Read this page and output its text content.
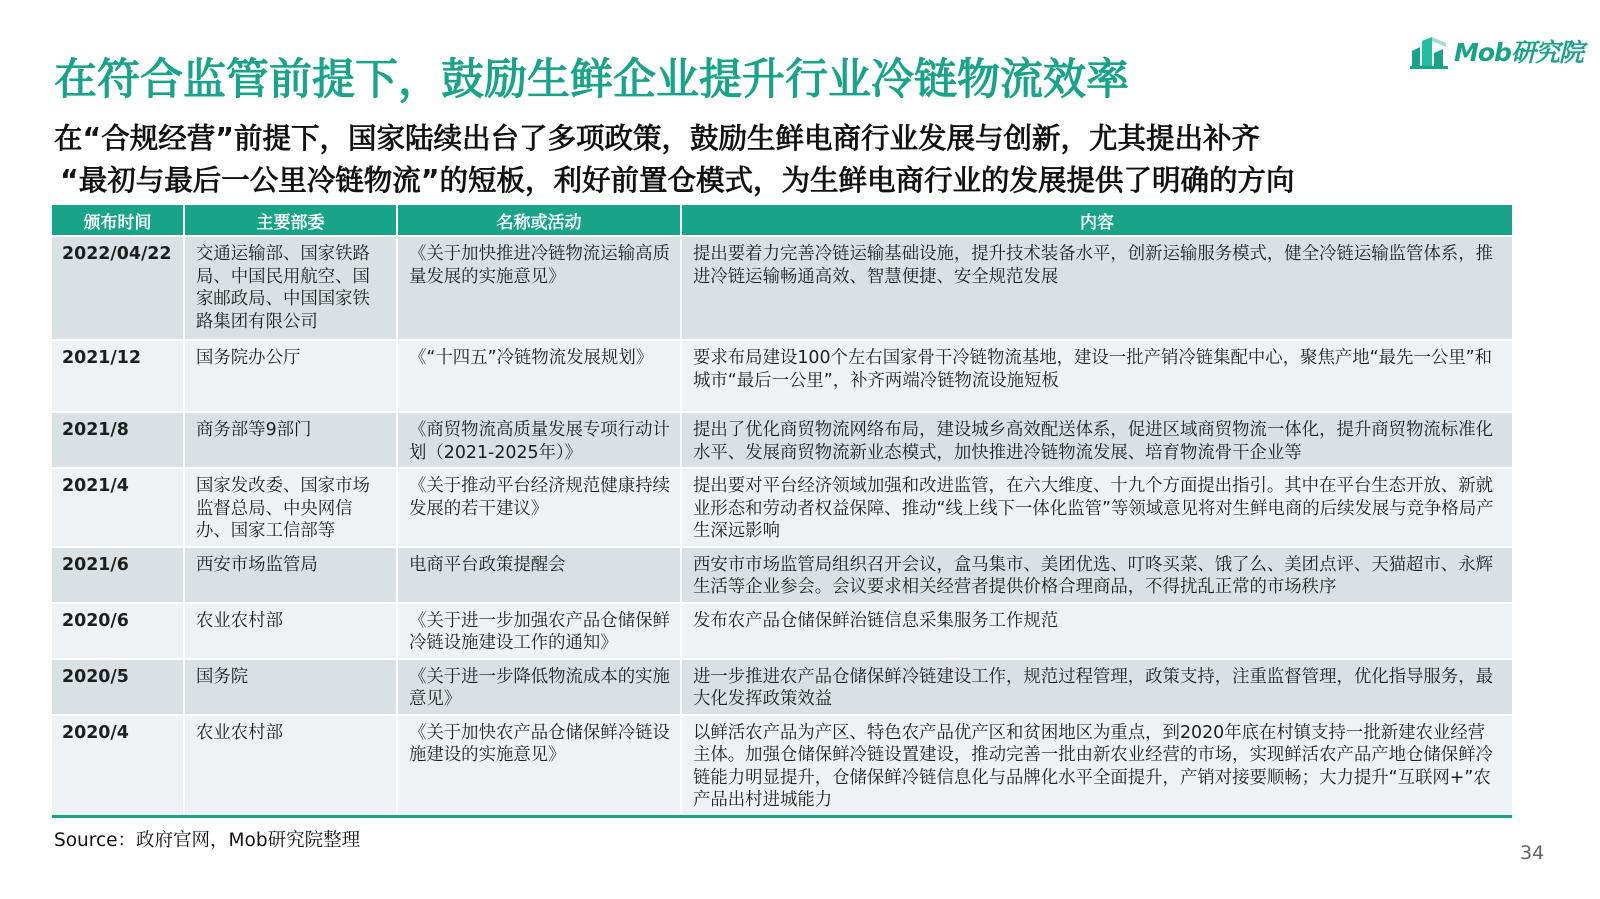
在符合监管前提下，鼓励生鲜企业提升行业冷链物流效率
Mob研究院
在“合规经营”前提下，国家陆续出台了多项政策，鼓励生鲜电商行业发展与创新，尤其提出补齐
“最初与最后一公里冷链物流”的短板，利好前置仓模式，为生鲜电商行业的发展提供了明确的方向
颁布时间	主要部委	名称或活动	内容
2022/04/22	交通运输部、国家铁路局、中国民用航空、国家邮政局、中国国家铁路集团有限公司	《关于加快推进冷链物流运输高质量发展的实施意见》	提出要着力完善冷链运输基础设施，提升技术装备水平，创新运输服务模式，健全冷链运输监管体系，推进冷链运输畅通高效、智慧便捷、安全规范发展
2021/12	国务院办公厅	《“十四五”冷链物流发展规划》	要求布局建设100个左右国家骨干冷链物流基地，建设一批产销冷链集配中心，聚焦产地“最先一公里”和城市“最后一公里”，补齐两端冷链物流设施短板
2021/8	商务部等9部门	《商贸物流高质量发展专项行动计划（2021-2025年）》	提出了优化商贸物流网络布局，建设城乡高效配送体系，促进区域商贸物流一体化，提升商贸物流标准化水平、发展商贸物流新业态模式，加快推进冷链物流发展、培育物流骨干企业等
2021/4	国家发改委、国家市场监督总局、中央网信办、国家工信部等	《关于推动平台经济规范健康持续发展的若干建议》	提出要对平台经济领域加强和改进监管，在六大维度、十九个方面提出指引。其中在平台生态开放、新就业形态和劳动者权益保障、推动“线上线下一体化监管”等领域意见将对生鲜电商的后续发展与竞争格局产生深远影响
2021/6	西安市场监管局	电商平台政策提醒会	西安市市场监管局组织召开会议，盒马集市、美团优选、叮咚买菜、饿了么、美团点评、天猫超市、永辉生活等企业参会。会议要求相关经营者提供价格合理商品，不得扰乱正常的市场秩序
2020/6	农业农村部	《关于进一步加强农产品仓储保鲜冷链设施建设工作的通知》	发布农产品仓储保鲜治链信息采集服务工作规范
2020/5	国务院	《关于进一步降低物流成本的实施意见》	进一步推进农产品仓储保鲜冷链建设工作，规范过程管理，政策支持，注重监督管理，优化指导服务，最大化发挥政策效益
2020/4	农业农村部	《关于加快农产品仓储保鲜冷链设施建设的实施意见》	以鲜活农产品为产区、特色农产品优产区和贫困地区为重点，到2020年底在村镇支持一批新建农业经营主体。加强仓储保鲜冷链设置建设，推动完善一批由新农业经营的市场，实现鲜活农产品产地仓储保鲜冷链能力明显提升，仓储保鲜冷链信息化与品牌化水平全面提升，产销对接要顺畅；大力提升“互联网+”农产品出村进城能力
Source：政府官网，Mob研究院整理
34
